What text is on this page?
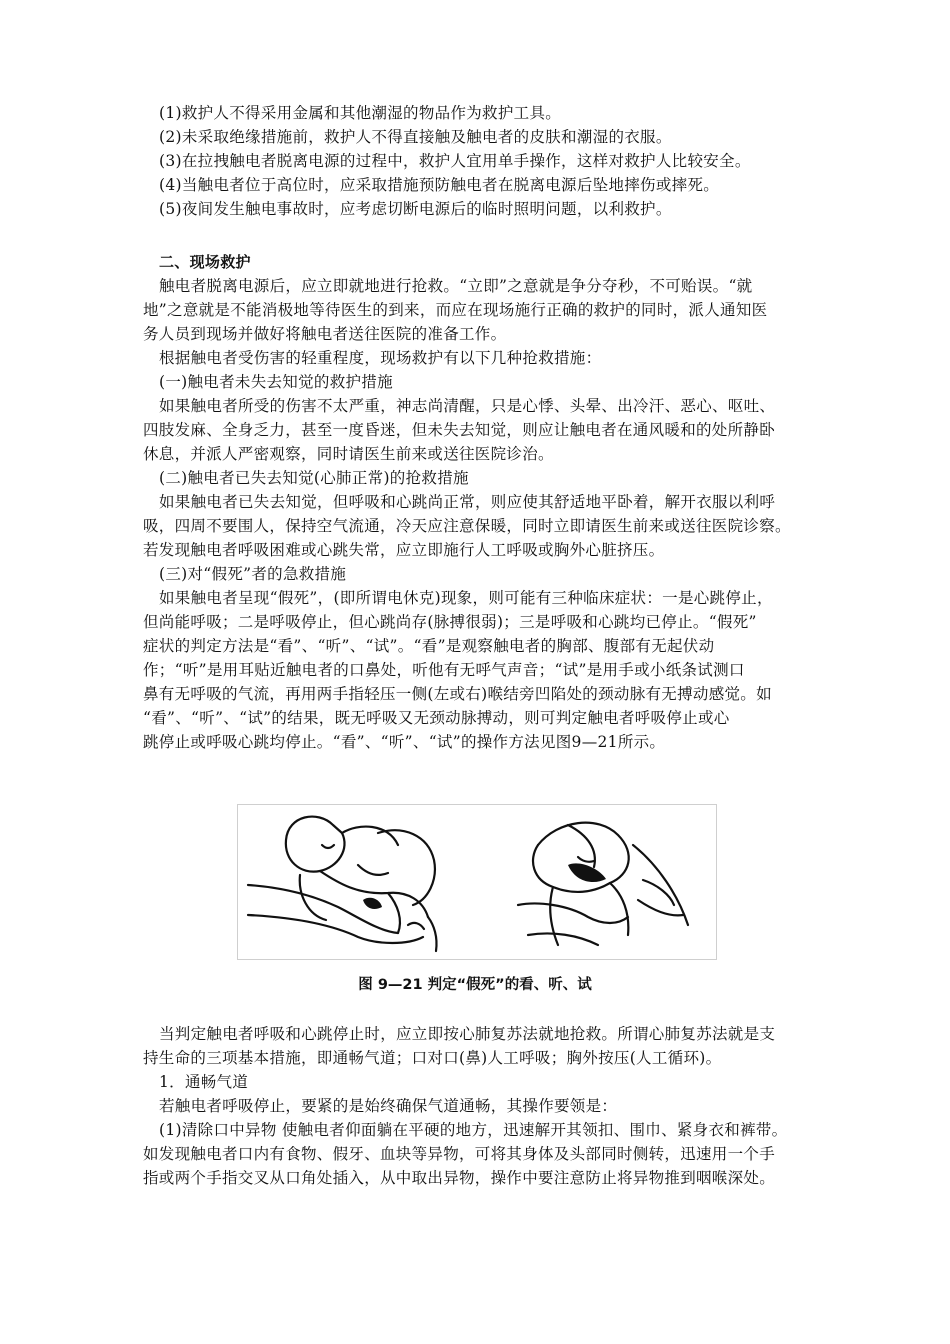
(1)救护人不得采用金属和其他潮湿的物品作为救护工具。
(2)未采取绝缘措施前，救护人不得直接触及触电者的皮肤和潮湿的衣服。
(3)在拉拽触电者脱离电源的过程中，救护人宜用单手操作，这样对救护人比较安全。
(4)当触电者位于高位时，应采取措施预防触电者在脱离电源后坠地摔伤或摔死。
(5)夜间发生触电事故时，应考虑切断电源后的临时照明问题，以利救护。
二、现场救护
触电者脱离电源后，应立即就地进行抢救。“立即”之意就是争分夺秒，不可贻误。“就
地”之意就是不能消极地等待医生的到来，而应在现场施行正确的救护的同时，派人通知医
务人员到现场并做好将触电者送往医院的准备工作。
根据触电者受伤害的轻重程度，现场救护有以下几种抢救措施：
(一)触电者未失去知觉的救护措施
如果触电者所受的伤害不太严重，神志尚清醒，只是心悸、头晕、出冷汗、恶心、呕吐、
四肢发麻、全身乏力，甚至一度昏迷，但未失去知觉，则应让触电者在通风暖和的处所静卧
休息，并派人严密观察，同时请医生前来或送往医院诊治。
(二)触电者已失去知觉(心肺正常)的抢救措施
如果触电者已失去知觉，但呼吸和心跳尚正常，则应使其舒适地平卧着，解开衣服以利呼
吸，四周不要围人，保持空气流通，冷天应注意保暖，同时立即请医生前来或送往医院诊察。
若发现触电者呼吸困难或心跳失常，应立即施行人工呼吸或胸外心脏挤压。
(三)对“假死”者的急救措施
如果触电者呈现“假死”，(即所谓电休克)现象，则可能有三种临床症状：一是心跳停止，
但尚能呼吸；二是呼吸停止，但心跳尚存(脉搏很弱)；三是呼吸和心跳均已停止。“假死”
症状的判定方法是“看”、“听”、“试”。“看”是观察触电者的胸部、腹部有无起伏动
作；“听”是用耳贴近触电者的口鼻处，听他有无呼气声音；“试”是用手或小纸条试测口
鼻有无呼吸的气流，再用两手指轻压一侧(左或右)喉结旁凹陷处的颈动脉有无搏动感觉。如
“看”、“听”、“试”的结果，既无呼吸又无颈动脉搏动，则可判定触电者呼吸停止或心
跳停止或呼吸心跳均停止。“看”、“听”、“试”的操作方法见图9—21所示。
图 9—21 判定“假死”的看、听、试
当判定触电者呼吸和心跳停止时，应立即按心肺复苏法就地抢救。所谓心肺复苏法就是支
持生命的三项基本措施，即通畅气道；口对口(鼻)人工呼吸；胸外按压(人工循环)。
1．通畅气道
若触电者呼吸停止，要紧的是始终确保气道通畅，其操作要领是：
(1)清除口中异物 使触电者仰面躺在平硬的地方，迅速解开其领扣、围巾、紧身衣和裤带。
如发现触电者口内有食物、假牙、血块等异物，可将其身体及头部同时侧转，迅速用一个手
指或两个手指交叉从口角处插入，从中取出异物，操作中要注意防止将异物推到咽喉深处。
